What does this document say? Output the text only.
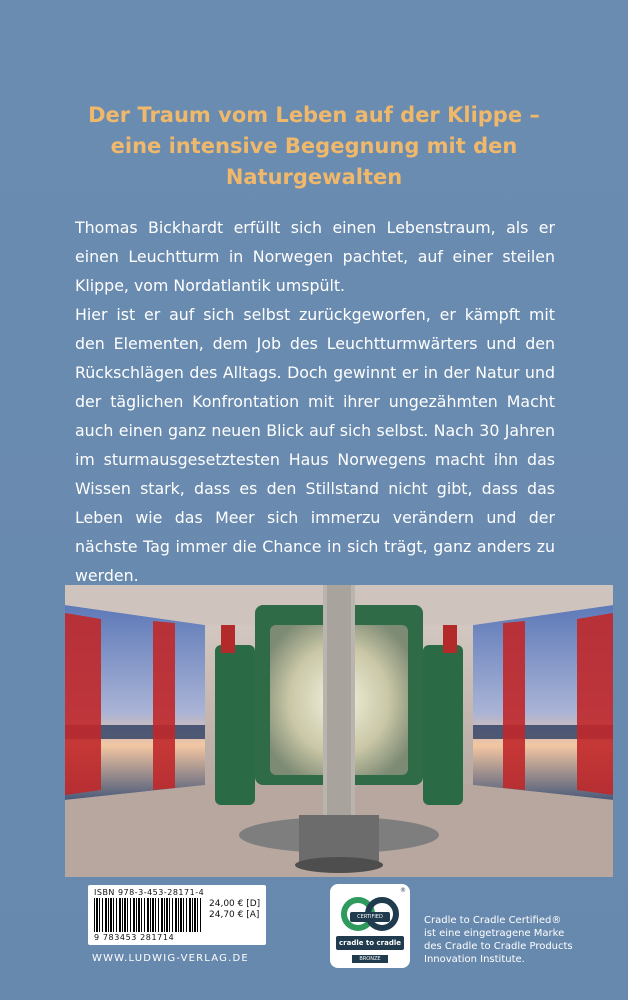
Der Traum vom Leben auf der Klippe –
eine intensive Begegnung mit den
Naturgewalten

Thomas Bickhardt erfüllt sich einen Lebenstraum, als er einen Leuchtturm in Norwegen pachtet, auf einer steilen Klippe, vom Nordatlantik umspült.

Hier ist er auf sich selbst zurückgeworfen, er kämpft mit den Elementen, dem Job des Leuchtturmwärters und den Rückschlägen des Alltags. Doch gewinnt er in der Natur und der täglichen Konfrontation mit ihrer ungezähmten Macht auch einen ganz neuen Blick auf sich selbst. Nach 30 Jahren im sturmausgesetztesten Haus Norwegens macht ihn das Wissen stark, dass es den Stillstand nicht gibt, dass das Leben wie das Meer sich immerzu verändern und der nächste Tag immer die Chance in sich trägt, ganz anders zu werden.

ISBN 978-3-453-28171-4
9 783453 281714
24,00 € [D]
24,70 € [A]
WWW.LUDWIG-VERLAG.DE
CERTIFIED
cradle to cradle
BRONZE
®
Cradle to Cradle Certified®
ist eine eingetragene Marke
des Cradle to Cradle Products
Innovation Institute.
